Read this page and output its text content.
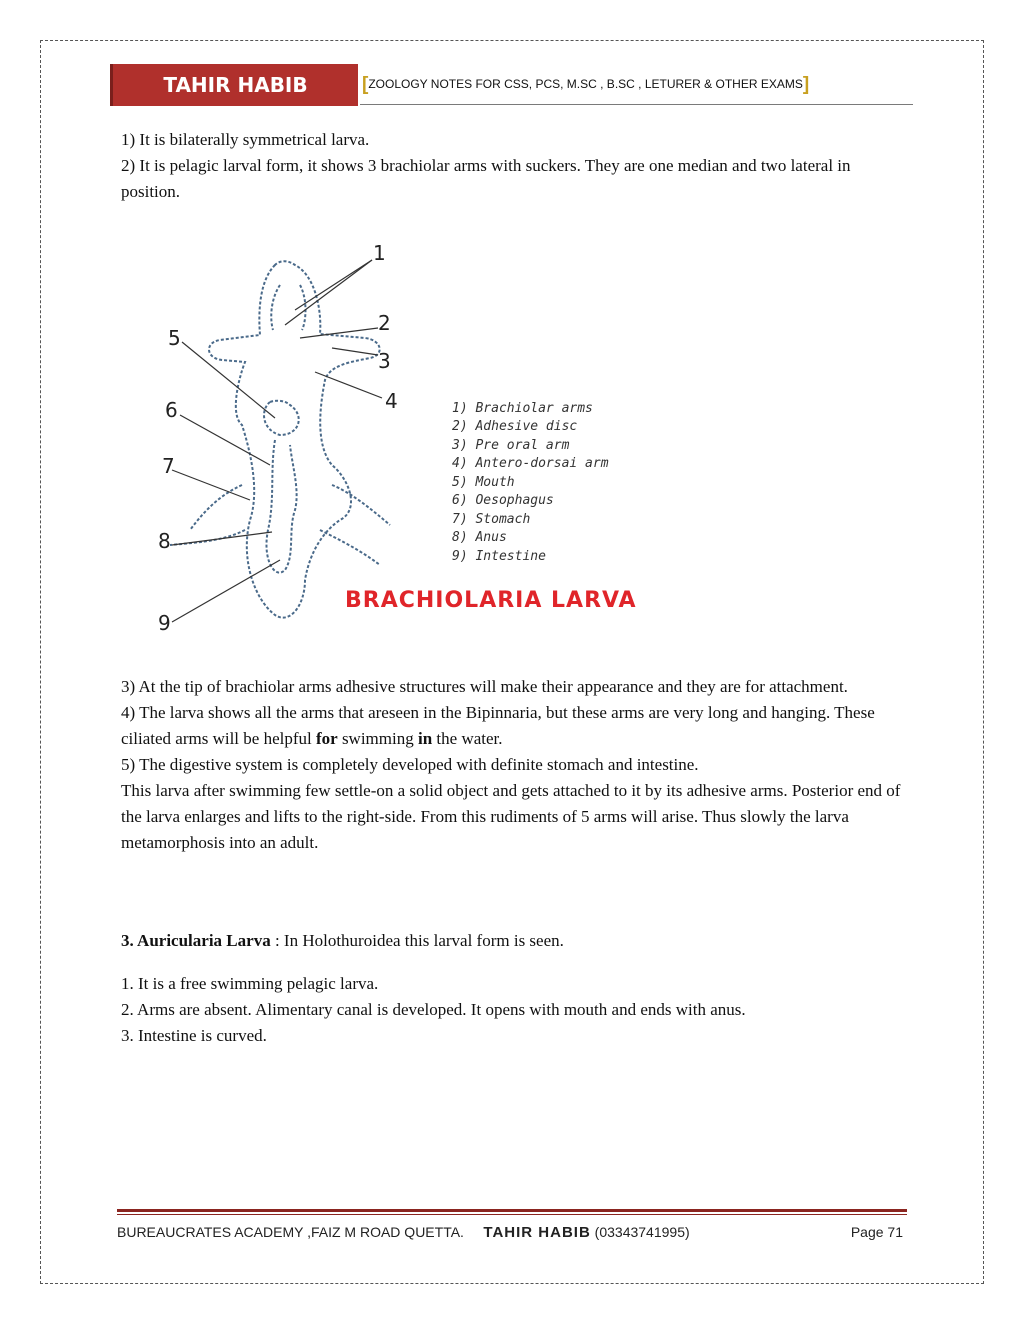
TAHIR HABIB	[ZOOLOGY NOTES FOR CSS, PCS, M.SC , B.SC , LETURER & OTHER EXAMS]

1) It is bilaterally symmetrical larva.

2) It is pelagic larval form, it shows 3 brachiolar arms with suckers. They are one median and two lateral in position.

1
2
3
4
5
6
7
8
9
1) Brachiolar arms
2) Adhesive disc
3) Pre oral arm
4) Antero-dorsai arm
5) Mouth
6) Oesophagus
7) Stomach
8) Anus
9) Intestine
BRACHIOLARIA LARVA

3) At the tip of brachiolar arms adhesive structures will make their appearance and they are for attachment.

4) The larva shows all the arms that areseen in the Bipinnaria, but these arms are very long and hanging. These ciliated arms will be helpful for swimming in the water.

5) The digestive system is completely developed with definite stomach and intestine.

This larva after swimming few settle-on a solid object and gets attached to it by its adhesive arms. Posterior end of the larva enlarges and lifts to the right-side. From this rudiments of 5 arms will arise. Thus slowly the larva metamorphosis into an adult.

3. Auricularia Larva : In Holothuroidea this larval form is seen.

1. It is a free swimming pelagic larva.

2. Arms are absent. Alimentary canal is developed. It opens with mouth and ends with anus.

3. Intestine is curved.

BUREAUCRATES ACADEMY ,FAIZ M ROAD QUETTA. TAHIR HABIB (03343741995)	Page 71
